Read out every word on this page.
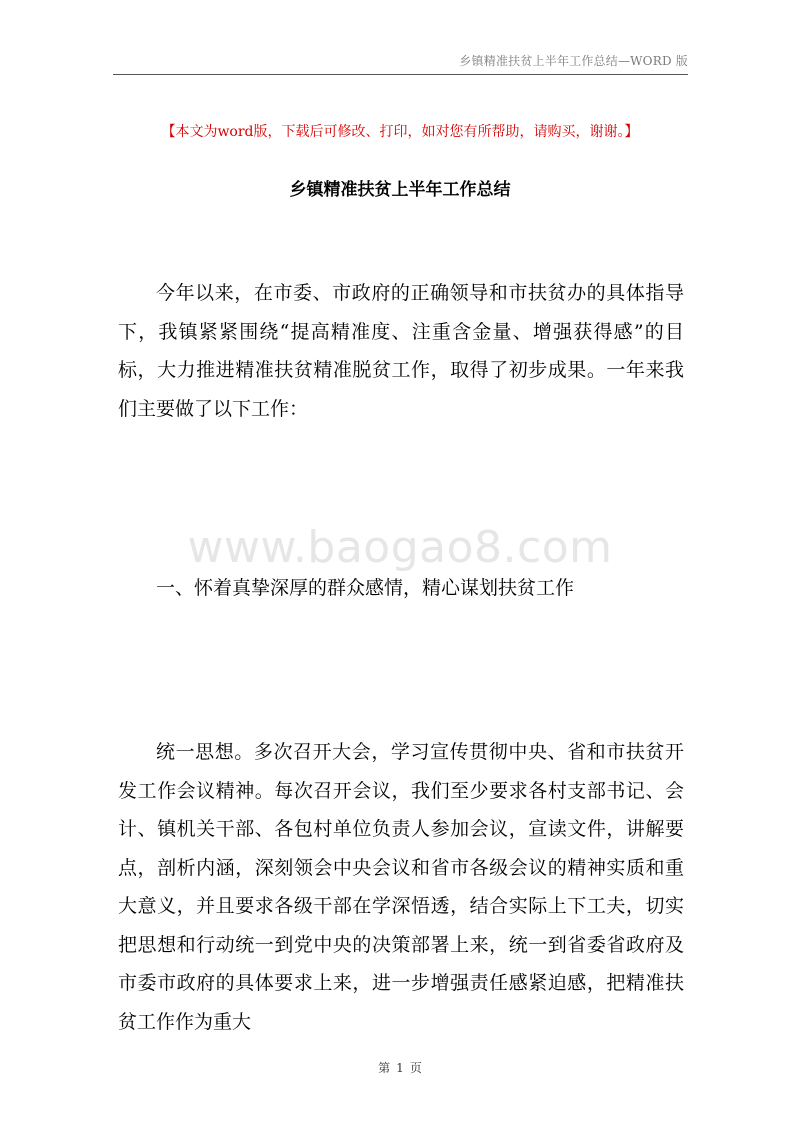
乡镇精准扶贫上半年工作总结—WORD 版
【本文为word版，下载后可修改、打印，如对您有所帮助，请购买，谢谢。】
乡镇精准扶贫上半年工作总结
www.baogao8.com

今年以来，在市委、市政府的正确领导和市扶贫办的具体指导下，我镇紧紧围绕“提高精准度、注重含金量、增强获得感”的目标，大力推进精准扶贫精准脱贫工作，取得了初步成果。一年来我们主要做了以下工作：

一、怀着真挚深厚的群众感情，精心谋划扶贫工作

统一思想。多次召开大会，学习宣传贯彻中央、省和市扶贫开发工作会议精神。每次召开会议，我们至少要求各村支部书记、会计、镇机关干部、各包村单位负责人参加会议，宣读文件，讲解要点，剖析内涵，深刻领会中央会议和省市各级会议的精神实质和重大意义，并且要求各级干部在学深悟透，结合实际上下工夫，切实把思想和行动统一到党中央的决策部署上来，统一到省委省政府及市委市政府的具体要求上来，进一步增强责任感紧迫感，把精准扶贫工作作为重大

第 1 页
